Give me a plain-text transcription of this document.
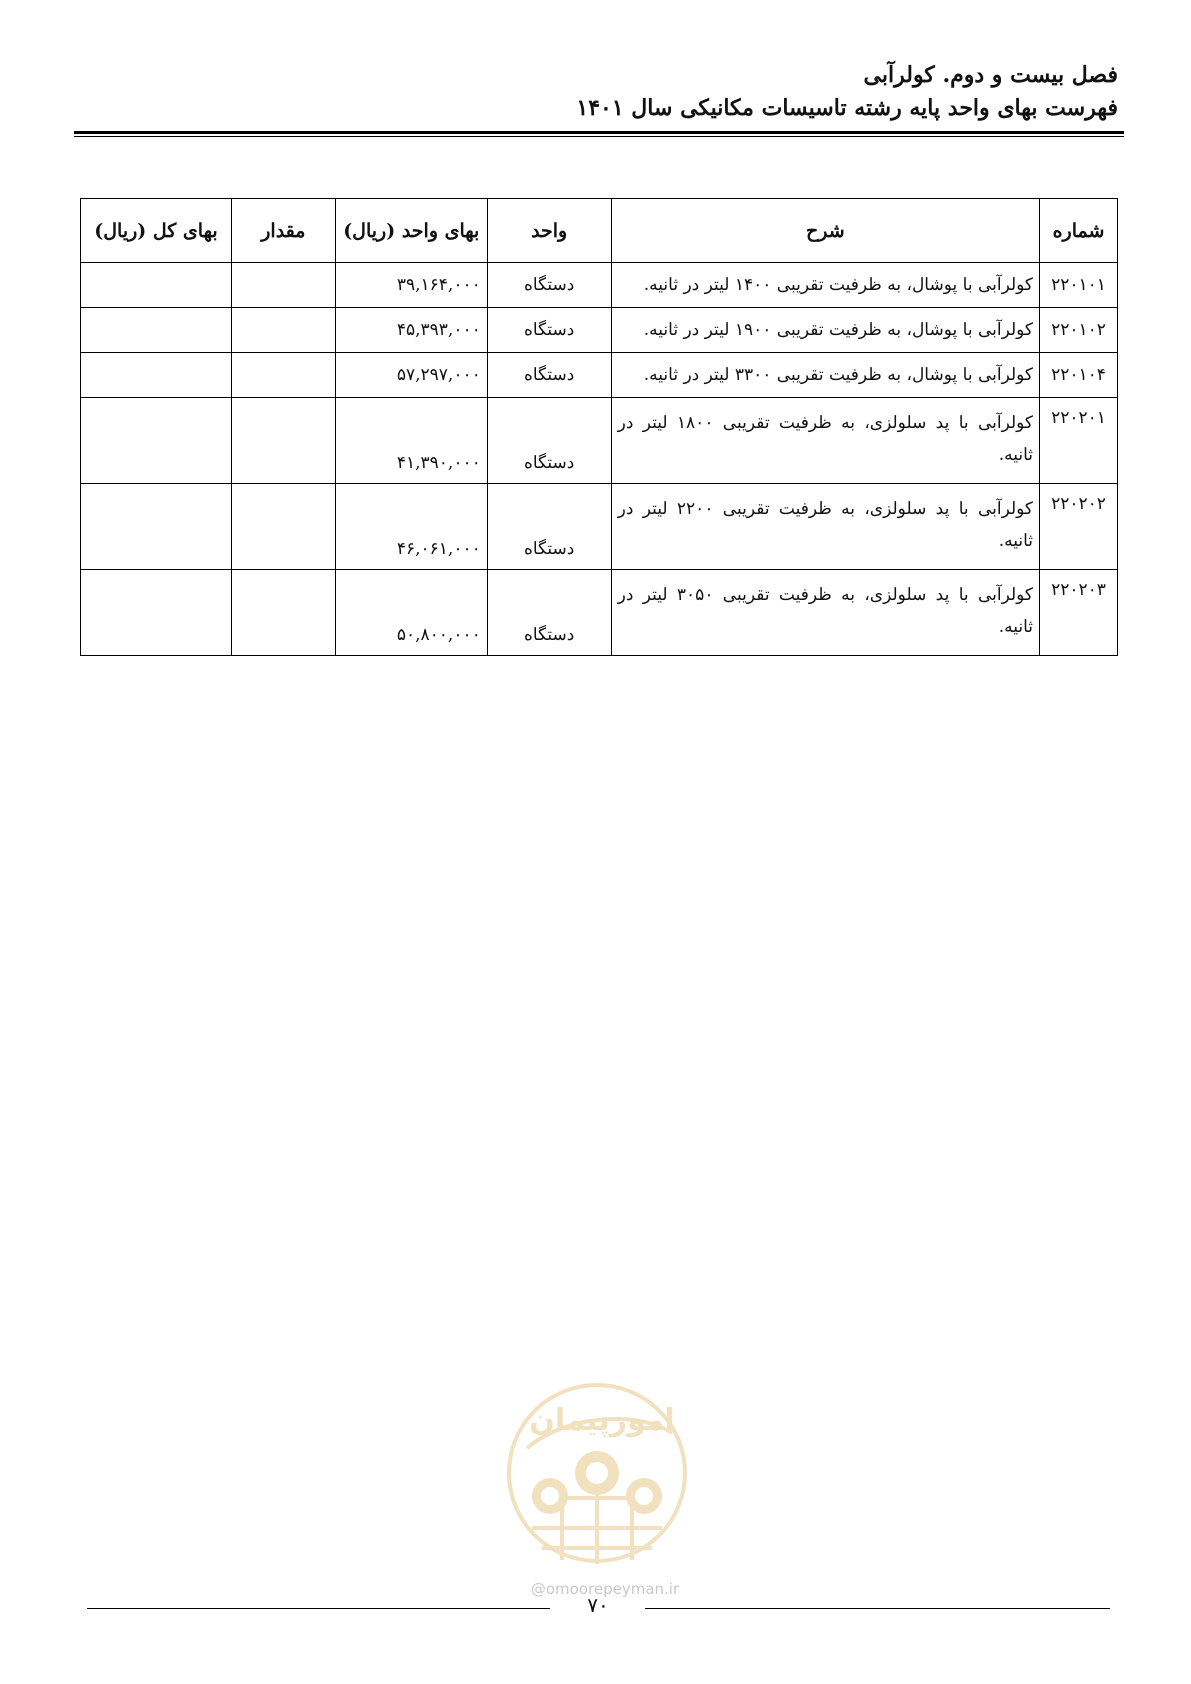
فصل بیست و دوم. کولرآبی
فهرست بهای واحد پایه رشته تاسیسات مکانیکی سال ۱۴۰۱
شماره	شرح	واحد	بهای واحد (ریال)	مقدار	بهای کل (ریال)
۲۲۰۱۰۱	کولرآبی با پوشال، به ظرفیت تقریبی ۱۴۰۰ لیتر در ثانیه.	دستگاه	۳۹,۱۶۴,۰۰۰		
۲۲۰۱۰۲	کولرآبی با پوشال، به ظرفیت تقریبی ۱۹۰۰ لیتر در ثانیه.	دستگاه	۴۵,۳۹۳,۰۰۰		
۲۲۰۱۰۴	کولرآبی با پوشال، به ظرفیت تقریبی ۳۳۰۰ لیتر در ثانیه.	دستگاه	۵۷,۲۹۷,۰۰۰		
۲۲۰۲۰۱	کولرآبی با پد سلولزی، به ظرفیت تقریبی ۱۸۰۰ لیتر در ثانیه.	دستگاه	۴۱,۳۹۰,۰۰۰		
۲۲۰۲۰۲	کولرآبی با پد سلولزی، به ظرفیت تقریبی ۲۲۰۰ لیتر در ثانیه.	دستگاه	۴۶,۰۶۱,۰۰۰		
۲۲۰۲۰۳	کولرآبی با پد سلولزی، به ظرفیت تقریبی ۳۰۵۰ لیتر در ثانیه.	دستگاه	۵۰,۸۰۰,۰۰۰		
امورپیمان
@omoorepeyman.ir
۷۰
